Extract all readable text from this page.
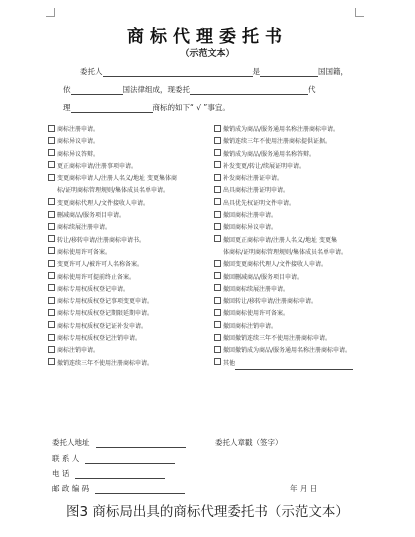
商标代理委托书
（示范文本）
委托人	是	国国籍，
依	国法律组成，现委托	代
理	商标的如下“ √ ”事宜。
商标注册申请。
商标异议申请。
商标异议答辩。
更正商标申请/注册事项申请。
变更商标申请人/注册人名义/地址 变更集体商
标/证明商标管理规则/集体成员名单申请。
变更商标代理人/文件接收人申请。
删减商品/服务项目申请。
商标续展注册申请。
转让/移转申请/注册商标申请书。
商标使用许可备案。
变更许可人/被许可人名称备案。
商标使用许可提前终止备案。
商标专用权质权登记申请。
商标专用权质权登记事项变更申请。
商标专用权质权登记期限延期申请。
商标专用权质权登记证补发申请。
商标专用权质权登记注销申请。
商标注销申请。
撤销连续三年不使用注册商标申请。
撤销成为商品/服务通用名称注册商标申请。
撤销连续三年不使用注册商标提供证据。
撤销成为商品/服务通用名称答辩。
补发变更/转让/续展证明申请。
补发商标注册证申请。
出具商标注册证明申请。
出具优先权证明文件申请。
撤回商标注册申请。
撤回商标异议申请。
撤回更正商标申请/注册人名义/地址 变更集
体商标/证明商标管理规则/集体成员名单申请。
撤回变更商标代理人/文件接收人申请。
撤回删减商品/服务项目申请。
撤回商标续展注册申请。
撤回转让/移转申请/注册商标申请。
撤回商标使用许可备案。
撤回商标注销申请。
撤回撤销连续三年不使用注册商标申请。
撤回撤销成为商品/服务通用名称注册商标申请。
其他
委托人地址	委托人章戳（签字）
联 系 人
电 话
邮 政 编 码	年 月 日
图3 商标局出具的商标代理委托书（示范文本）
